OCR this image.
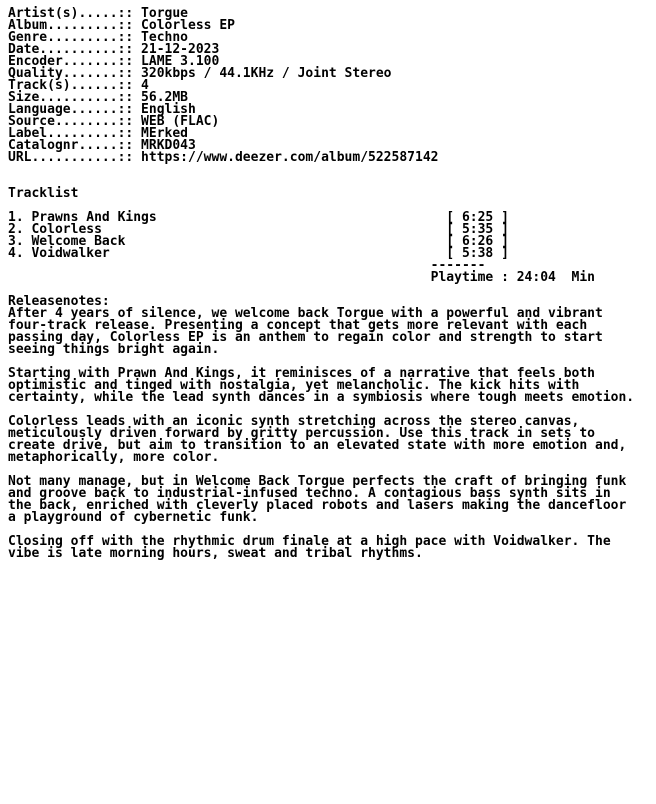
Artist(s).....:: Torgue
Album.........:: Colorless EP
Genre.........:: Techno
Date..........:: 21-12-2023
Encoder.......:: LAME 3.100
Quality.......:: 320kbps / 44.1KHz / Joint Stereo
Track(s)......:: 4
Size..........:: 56.2MB
Language......:: English
Source........:: WEB (FLAC)
Label.........:: MErked
Catalognr.....:: MRKD043
URL...........:: https://www.deezer.com/album/522587142
Tracklist
1. Prawns And Kings                                     [ 6:25 ]
2. Colorless                                            [ 5:35 ]
3. Welcome Back                                         [ 6:26 ]
4. Voidwalker                                           [ 5:38 ]
-------
Playtime : 24:04  Min
Releasenotes:
After 4 years of silence, we welcome back Torgue with a powerful and vibrant
four-track release. Presenting a concept that gets more relevant with each
passing day, Colorless EP is an anthem to regain color and strength to start
seeing things bright again.
Starting with Prawn And Kings, it reminisces of a narrative that feels both
optimistic and tinged with nostalgia, yet melancholic. The kick hits with
certainty, while the lead synth dances in a symbiosis where tough meets emotion.
Colorless leads with an iconic synth stretching across the stereo canvas,
meticulously driven forward by gritty percussion. Use this track in sets to
create drive, but aim to transition to an elevated state with more emotion and,
metaphorically, more color.
Not many manage, but in Welcome Back Torgue perfects the craft of bringing funk
and groove back to industrial-infused techno. A contagious bass synth sits in
the back, enriched with cleverly placed robots and lasers making the dancefloor
a playground of cybernetic funk.
Closing off with the rhythmic drum finale at a high pace with Voidwalker. The
vibe is late morning hours, sweat and tribal rhythms.
